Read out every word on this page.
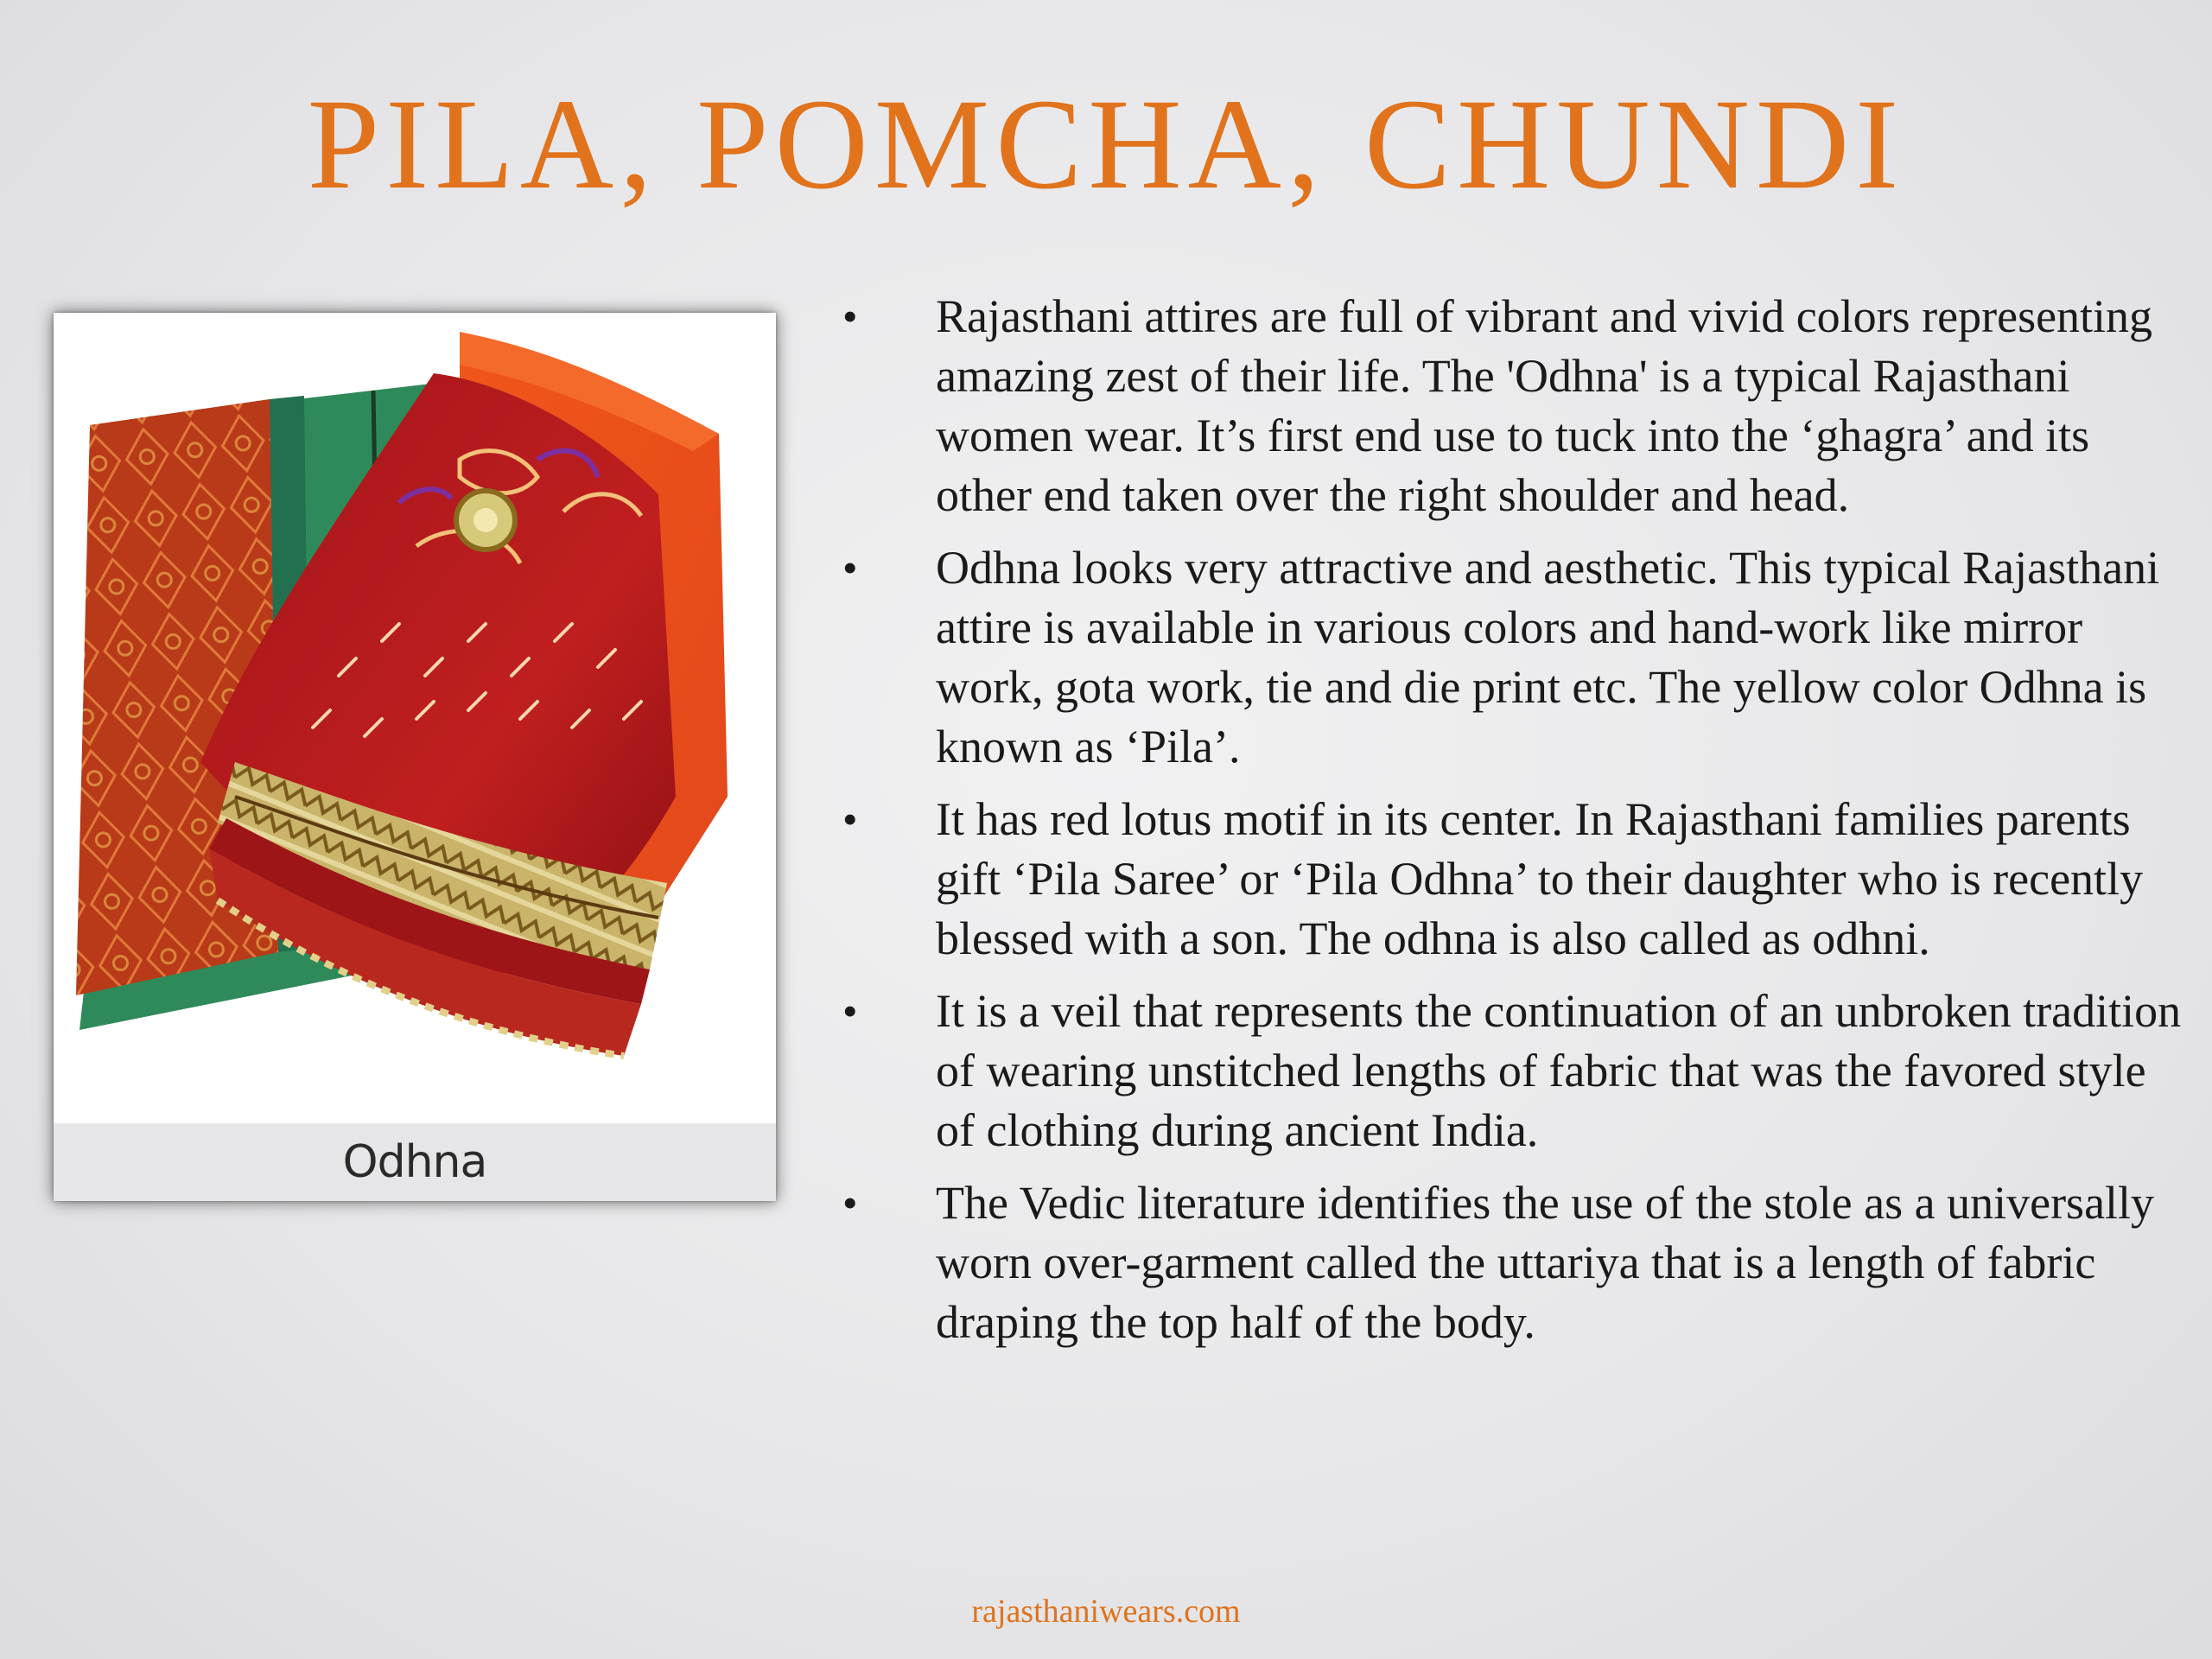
PILA, POMCHA, CHUNDI
Odhna
•	Rajasthani attires are full of vibrant and vivid colors representing amazing zest of their life. The 'Odhna' is a typical Rajasthani women wear. It’s first end use to tuck into the ‘ghagra’ and its other end taken over the right shoulder and head.
•	Odhna looks very attractive and aesthetic. This typical Rajasthani attire is available in various colors and hand-work like mirror work, gota work, tie and die print etc. The yellow color Odhna is known as ‘Pila’.
•	It has red lotus motif in its center. In Rajasthani families parents gift ‘Pila Saree’ or ‘Pila Odhna’ to their daughter who is recently blessed with a son. The odhna is also called as odhni.
•	It is a veil that represents the continuation of an unbroken tradition of wearing unstitched lengths of fabric that was the favored style of clothing during ancient India.
•	The Vedic literature identifies the use of the stole as a universally worn over-garment called the uttariya that is a length of fabric draping the top half of the body.
rajasthaniwears.com
